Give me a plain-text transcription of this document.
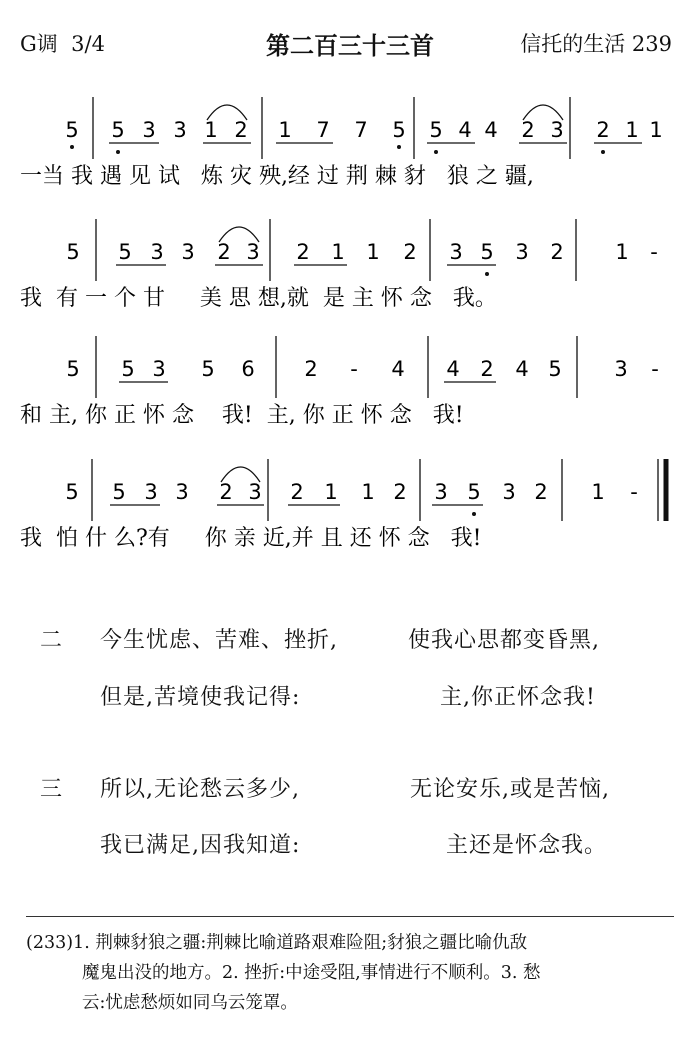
G调 3/4	第二百三十三首	信托的生活 239
5 5 3 3 1 2 1 7 7 5 5 4 4 2 3 2 1 1
一当 我 遇 见 试   炼 灾 殃,经 过 荆 棘 豺   狼 之 疆,
5 5 3 3 2 3 2 1 1 2 3 5 3 2 1 -
我  有 一 个 甘     美 思 想,就  是 主 怀 念   我。
5 5 3 5 6 2 - 4 4 2 4 5	3 -
和 主, 你 正 怀 念    我!  主, 你 正 怀 念   我!
5 5 3 3 2 3 2 1 1 2 3 5 3 2 1 -
我  怕 什 么?有     你 亲 近,并 且 还 怀 念   我!
二 今生忧虑、苦难、挫折,	使我心思都变昏黑,
但是,苦境使我记得:	主,你正怀念我!
三 所以,无论愁云多少,	无论安乐,或是苦恼,
我已满足,因我知道:	主还是怀念我。
(233)1. 荆棘豺狼之疆:荆棘比喻道路艰难险阻;豺狼之疆比喻仇敌
魔鬼出没的地方。2. 挫折:中途受阻,事情进行不顺利。3. 愁
云:忧虑愁烦如同乌云笼罩。
